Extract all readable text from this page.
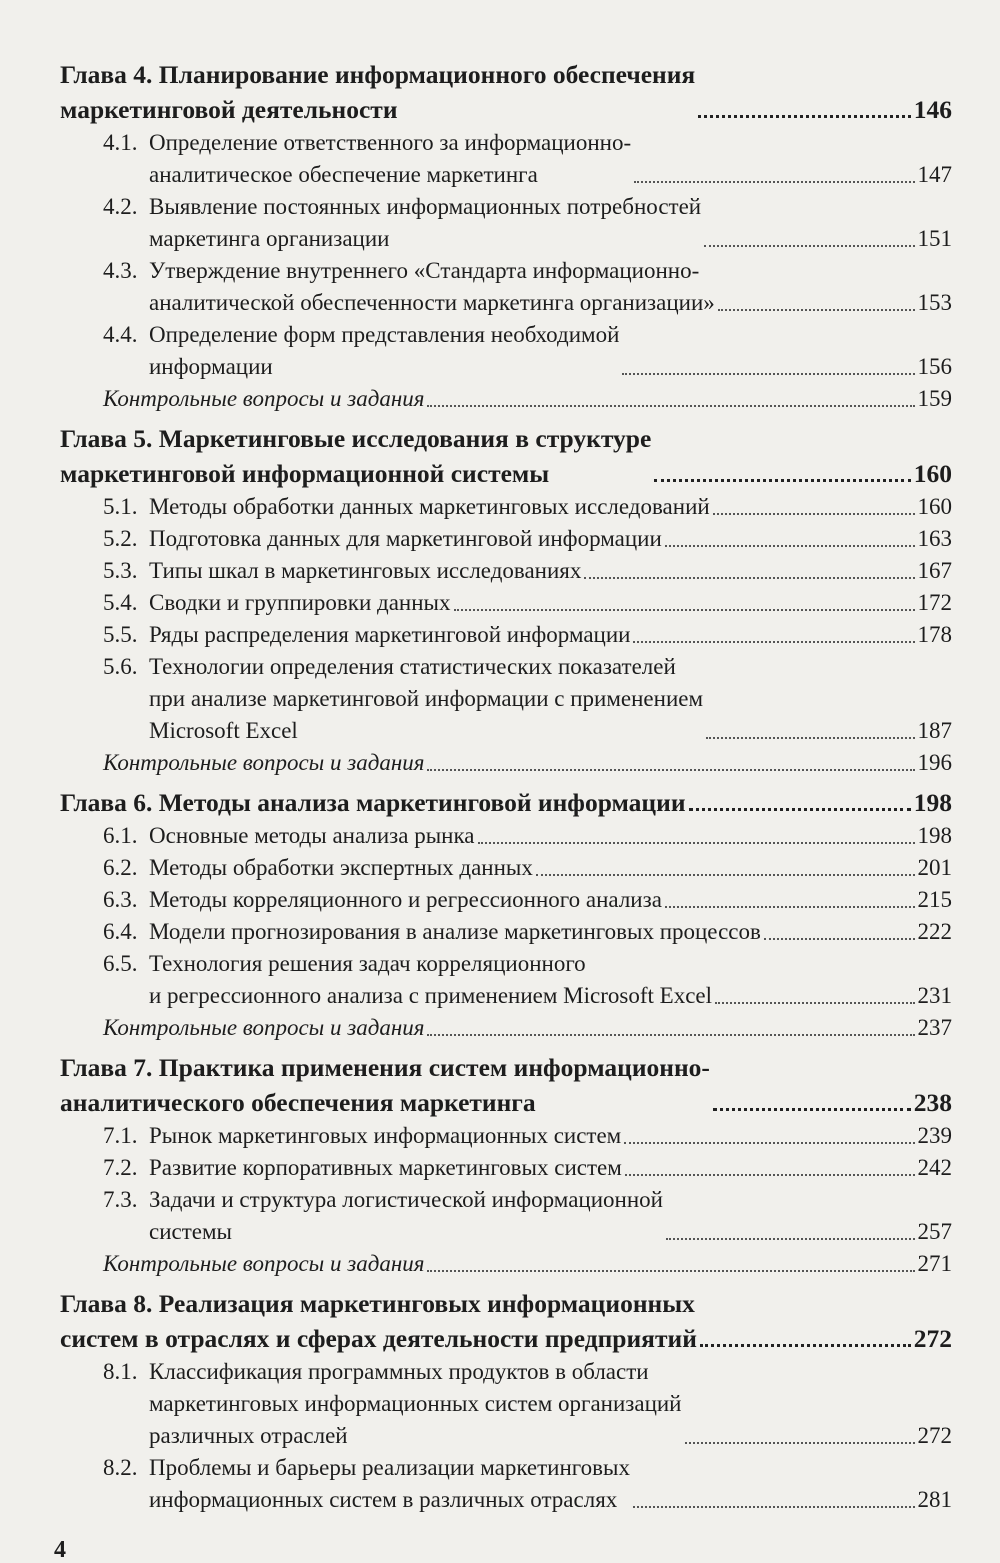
Глава 4. Планирование информационного обеспечения
маркетинговой деятельности	146
4.1. Определение ответственного за информационно-
аналитическое обеспечение маркетинга	147
4.2. Выявление постоянных информационных потребностей
маркетинга организации	151
4.3. Утверждение внутреннего «Стандарта информационно-
аналитической обеспеченности маркетинга организации»	153
4.4. Определение форм представления необходимой
информации	156
Контрольные вопросы и задания	159
Глава 5. Маркетинговые исследования в структуре
маркетинговой информационной системы	160
5.1. Методы обработки данных маркетинговых исследований	160
5.2. Подготовка данных для маркетинговой информации	163
5.3. Типы шкал в маркетинговых исследованиях	167
5.4. Сводки и группировки данных	172
5.5. Ряды распределения маркетинговой информации	178
5.6. Технологии определения статистических показателей
при анализе маркетинговой информации с применением
Microsoft Excel	187
Контрольные вопросы и задания	196
Глава 6. Методы анализа маркетинговой информации	198
6.1. Основные методы анализа рынка	198
6.2. Методы обработки экспертных данных	201
6.3. Методы корреляционного и регрессионного анализа	215
6.4. Модели прогнозирования в анализе маркетинговых процессов	222
6.5. Технология решения задач корреляционного
и регрессионного анализа с применением Microsoft Excel	231
Контрольные вопросы и задания	237
Глава 7. Практика применения систем информационно-
аналитического обеспечения маркетинга	238
7.1. Рынок маркетинговых информационных систем	239
7.2. Развитие корпоративных маркетинговых систем	242
7.3. Задачи и структура логистической информационной
системы	257
Контрольные вопросы и задания	271
Глава 8. Реализация маркетинговых информационных
систем в отраслях и сферах деятельности предприятий	272
8.1. Классификация программных продуктов в области
маркетинговых информационных систем организаций
различных отраслей	272
8.2. Проблемы и барьеры реализации маркетинговых
информационных систем в различных отраслях	281
4
